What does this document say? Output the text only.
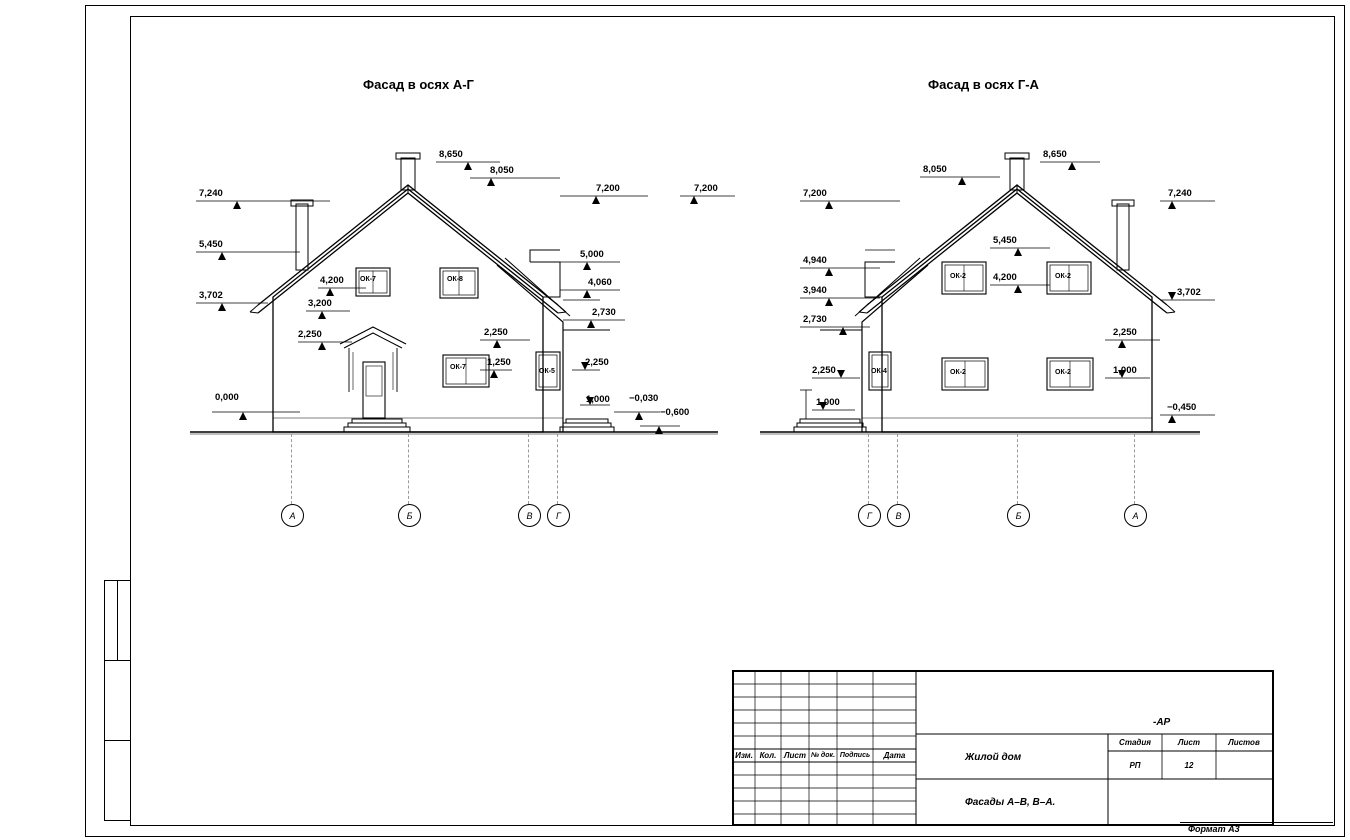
Фасад в осях А-Г	Фасад в осях Г-А
7,240
5,450
3,702
4,200
3,200
2,250
0,000
8,650
8,050
7,200	7,200
5,000
4,060
2,730
2,250
1,250	2,250
1,000 −0,030
−0,600
ОК-7	ОК-8
ОК-7
ОК-5
А	Б	В	Г
7,200
4,940
3,940
2,730
2,250
1,000
8,050
8,650
7,240
5,450
4,200
3,702
2,250
1,000
−0,450
ОК-2	ОК-2
ОК-2	ОК-2
ОК-4
Г	В	Б	А
Изм. Кол. Лист № док. Подпись	Дата
-АР
Жилой дом
Фасады А–В, В–А.
Стадия	Лист	Листов
РП	12
Формат А3
